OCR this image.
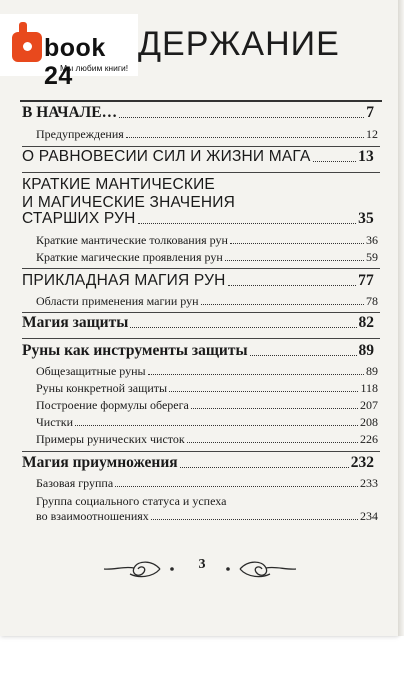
book 24
Мы любим книги!
ДЕРЖАНИЕ
В НАЧАЛЕ…	7
Предупреждения	12
О РАВНОВЕСИИ СИЛ И ЖИЗНИ МАГА	13
КРАТКИЕ МАНТИЧЕСКИЕ
И МАГИЧЕСКИЕ ЗНАЧЕНИЯ
СТАРШИХ РУН	35
Краткие мантические толкования рун	36
Краткие магические проявления рун	59
ПРИКЛАДНАЯ МАГИЯ РУН	77
Области применения магии рун	78
Магия защиты	82
Руны как инструменты защиты	89
Общезащитные руны	89
Руны конкретной защиты	118
Построение формулы оберега	207
Чистки	208
Примеры рунических чисток	226
Магия приумножения	232
Базовая группа	233
Группа социального статуса и успеха
во взаимоотношениях	234
3
